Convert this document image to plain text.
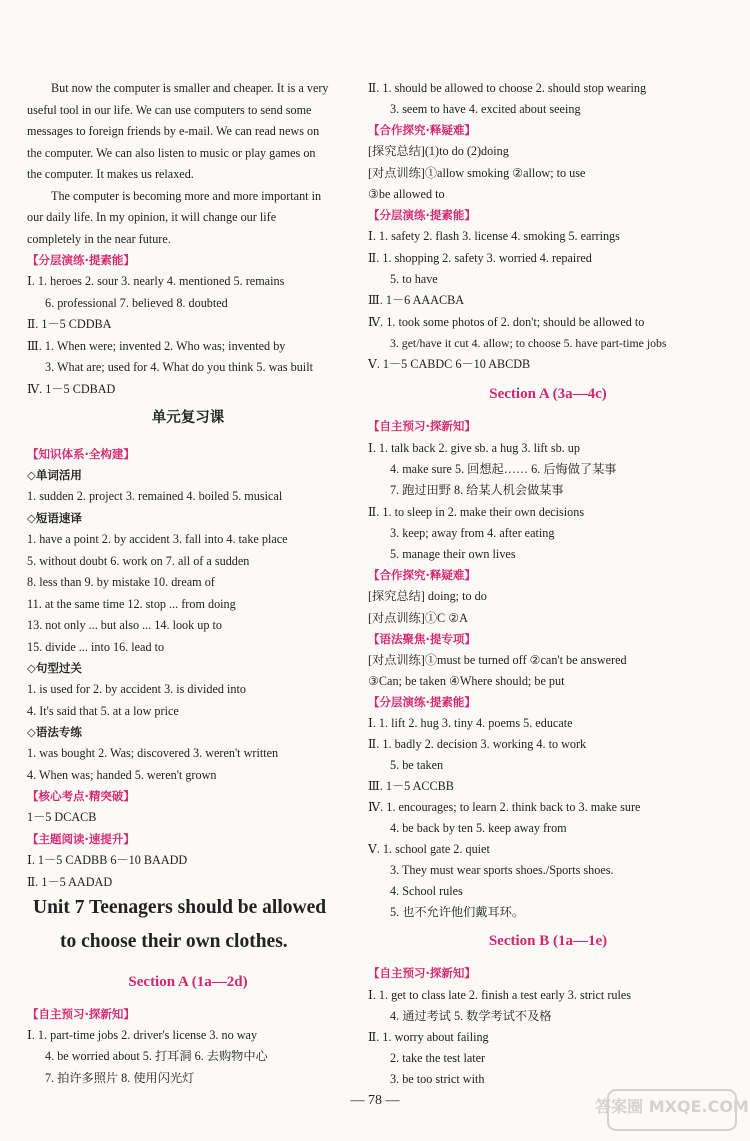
But now the computer is smaller and cheaper. It is a very
useful tool in our life. We can use computers to send some
messages to foreign friends by e-mail. We can read news on
the computer. We can also listen to music or play games on
the computer. It makes us relaxed.
The computer is becoming more and more important in
our daily life. In my opinion, it will change our life
completely in the near future.
【分层演练·提素能】
Ⅰ. 1. heroes 2. sour 3. nearly 4. mentioned 5. remains
6. professional 7. believed 8. doubted
Ⅱ. 1－5 CDDBA
Ⅲ. 1. When were; invented 2. Who was; invented by
3. What are; used for 4. What do you think 5. was built
Ⅳ. 1－5 CDBAD
单元复习课
【知识体系·全构建】
◇单词活用
1. sudden 2. project 3. remained 4. boiled 5. musical
◇短语速译
1. have a point 2. by accident 3. fall into 4. take place
5. without doubt 6. work on 7. all of a sudden
8. less than 9. by mistake 10. dream of
11. at the same time 12. stop ... from doing
13. not only ... but also ... 14. look up to
15. divide ... into 16. lead to
◇句型过关
1. is used for 2. by accident 3. is divided into
4. It's said that 5. at a low price
◇语法专练
1. was bought 2. Was; discovered 3. weren't written
4. When was; handed 5. weren't grown
【核心考点·精突破】
1－5 DCACB
【主题阅读·速提升】
Ⅰ. 1－5 CADBB 6－10 BAADD
Ⅱ. 1－5 AADAD
Unit 7 Teenagers should be allowed
to choose their own clothes.
Section A (1a—2d)
【自主预习·探新知】
Ⅰ. 1. part-time jobs 2. driver's license 3. no way
4. be worried about 5. 打耳洞 6. 去购物中心
7. 拍许多照片 8. 使用闪光灯
Ⅱ. 1. should be allowed to choose 2. should stop wearing
3. seem to have 4. excited about seeing
【合作探究·释疑难】
[探究总结](1)to do (2)doing
[对点训练]①allow smoking ②allow; to use
③be allowed to
【分层演练·提素能】
Ⅰ. 1. safety 2. flash 3. license 4. smoking 5. earrings
Ⅱ. 1. shopping 2. safety 3. worried 4. repaired
5. to have
Ⅲ. 1－6 AAACBA
Ⅳ. 1. took some photos of 2. don't; should be allowed to
3. get/have it cut 4. allow; to choose 5. have part-time jobs
Ⅴ. 1－5 CABDC 6－10 ABCDB
Section A (3a—4c)
【自主预习·探新知】
Ⅰ. 1. talk back 2. give sb. a hug 3. lift sb. up
4. make sure 5. 回想起…… 6. 后悔做了某事
7. 跑过田野 8. 给某人机会做某事
Ⅱ. 1. to sleep in 2. make their own decisions
3. keep; away from 4. after eating
5. manage their own lives
【合作探究·释疑难】
[探究总结] doing; to do
[对点训练]①C ②A
【语法聚焦·提专项】
[对点训练]①must be turned off ②can't be answered
③Can; be taken ④Where should; be put
【分层演练·提素能】
Ⅰ. 1. lift 2. hug 3. tiny 4. poems 5. educate
Ⅱ. 1. badly 2. decision 3. working 4. to work
5. be taken
Ⅲ. 1－5 ACCBB
Ⅳ. 1. encourages; to learn 2. think back to 3. make sure
4. be back by ten 5. keep away from
Ⅴ. 1. school gate 2. quiet
3. They must wear sports shoes./Sports shoes.
4. School rules
5. 也不允许他们戴耳环。
Section B (1a—1e)
【自主预习·探新知】
Ⅰ. 1. get to class late 2. finish a test early 3. strict rules
4. 通过考试 5. 数学考试不及格
Ⅱ. 1. worry about failing
2. take the test later
3. be too strict with
— 78 —	答案圈 MXQE.COM
